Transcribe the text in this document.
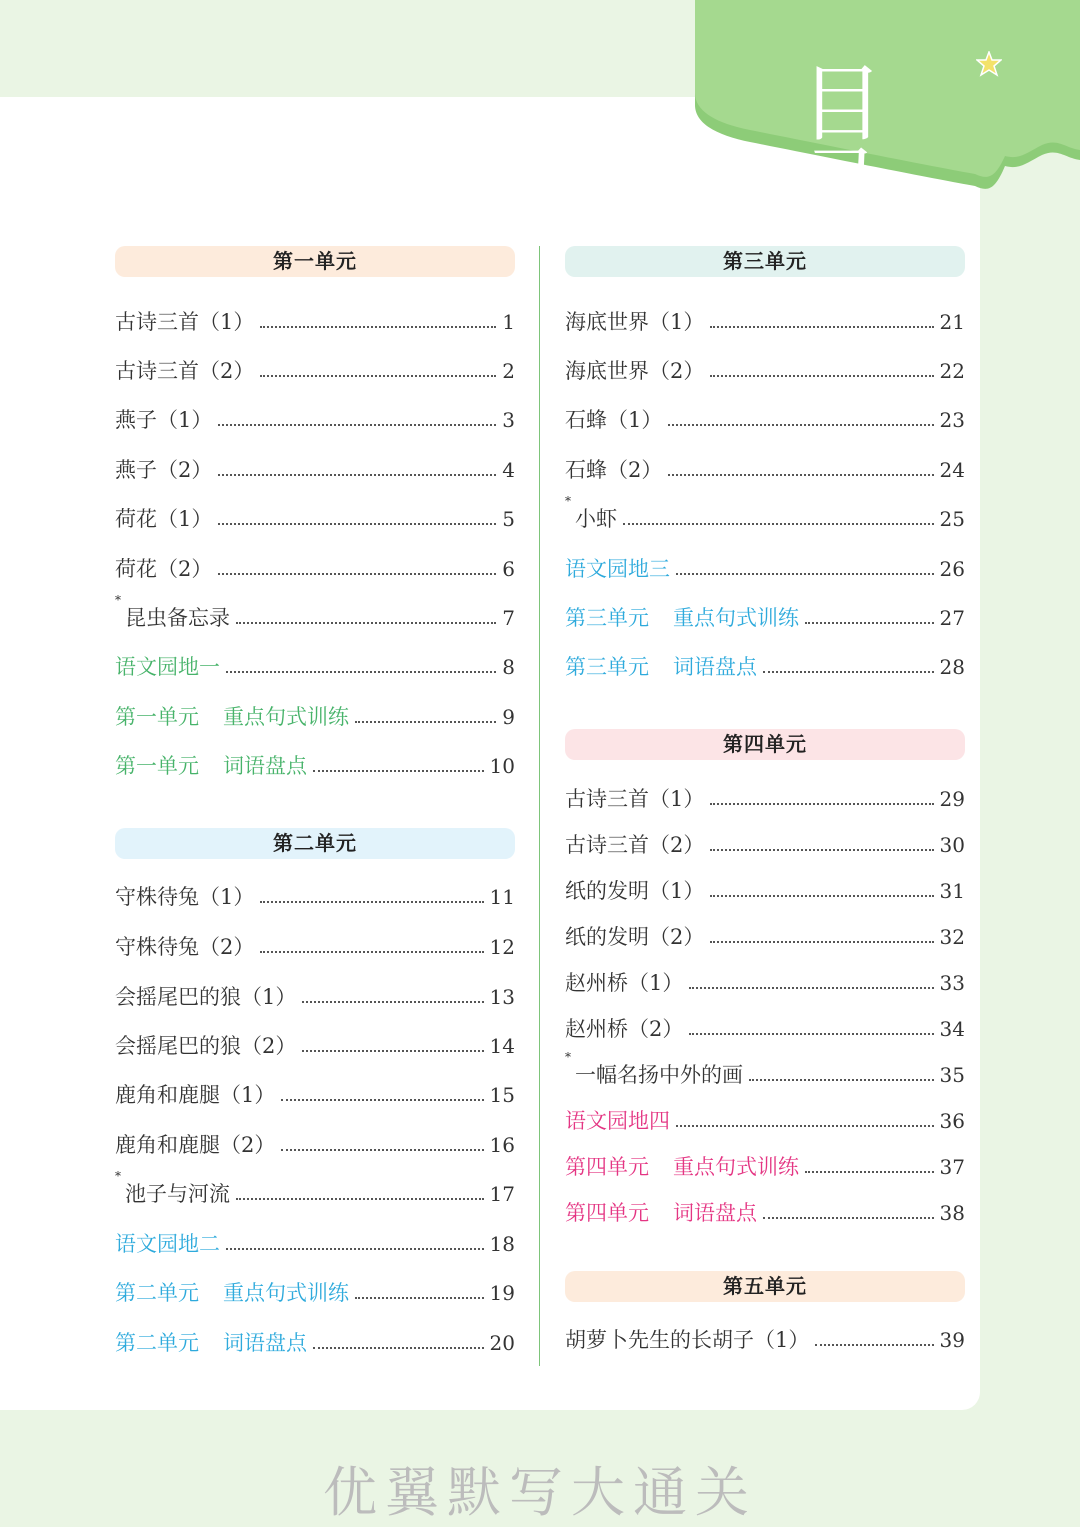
目录
第一单元
古诗三首（1）	1
古诗三首（2）	2
燕子（1）	3
燕子（2）	4
荷花（1）	5
荷花（2）	6
*昆虫备忘录	7
语文园地一	8
第一单元 重点句式训练	9
第一单元 词语盘点	10
第二单元
守株待兔（1）	11
守株待兔（2）	12
会摇尾巴的狼（1）	13
会摇尾巴的狼（2）	14
鹿角和鹿腿（1）	15
鹿角和鹿腿（2）	16
*池子与河流	17
语文园地二	18
第二单元 重点句式训练	19
第二单元 词语盘点	20
第三单元
海底世界（1）	21
海底世界（2）	22
石蜂（1）	23
石蜂（2）	24
*小虾	25
语文园地三	26
第三单元 重点句式训练	27
第三单元 词语盘点	28
第四单元
古诗三首（1）	29
古诗三首（2）	30
纸的发明（1）	31
纸的发明（2）	32
赵州桥（1）	33
赵州桥（2）	34
*一幅名扬中外的画	35
语文园地四	36
第四单元 重点句式训练	37
第四单元 词语盘点	38
第五单元
胡萝卜先生的长胡子（1）	39
优翼默写大通关
